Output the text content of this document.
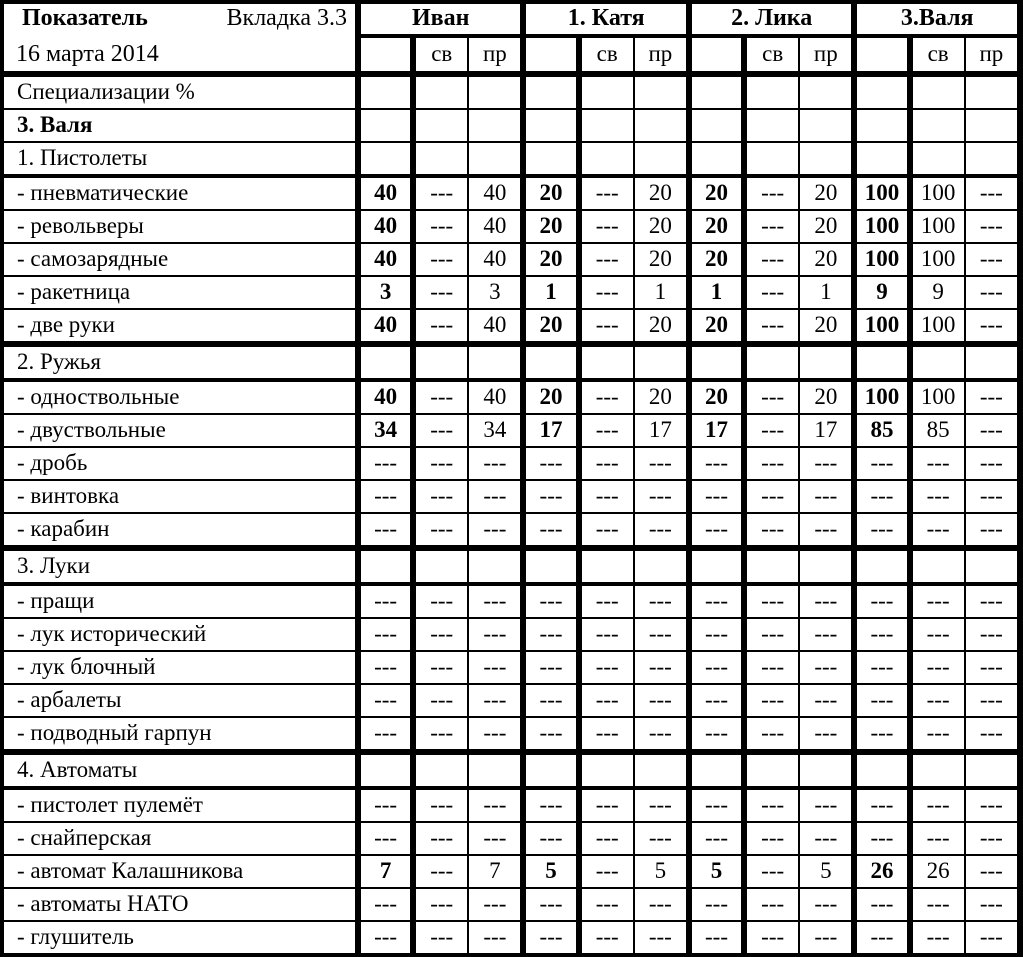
Показатель Вкладка 3.3
16 марта 2014	Иван			1. Катя			2. Лика			3.Валя		
		св	пр		св	пр		св	пр		св	пр
Специализации %												
3. Валя												
1. Пистолеты												
- пневматические	40	---	40	20	---	20	20	---	20	100	100	---
- револьверы	40	---	40	20	---	20	20	---	20	100	100	---
- самозарядные	40	---	40	20	---	20	20	---	20	100	100	---
- ракетница	3	---	3	1	---	1	1	---	1	9	9	---
- две руки	40	---	40	20	---	20	20	---	20	100	100	---
2. Ружья												
- одноствольные	40	---	40	20	---	20	20	---	20	100	100	---
- двуствольные	34	---	34	17	---	17	17	---	17	85	85	---
- дробь	---	---	---	---	---	---	---	---	---	---	---	---
- винтовка	---	---	---	---	---	---	---	---	---	---	---	---
- карабин	---	---	---	---	---	---	---	---	---	---	---	---
3. Луки												
- пращи	---	---	---	---	---	---	---	---	---	---	---	---
- лук исторический	---	---	---	---	---	---	---	---	---	---	---	---
- лук блочный	---	---	---	---	---	---	---	---	---	---	---	---
- арбалеты	---	---	---	---	---	---	---	---	---	---	---	---
- подводный гарпун	---	---	---	---	---	---	---	---	---	---	---	---
4. Автоматы												
- пистолет пулемёт	---	---	---	---	---	---	---	---	---	---	---	---
- снайперская	---	---	---	---	---	---	---	---	---	---	---	---
- автомат Калашникова	7	---	7	5	---	5	5	---	5	26	26	---
- автоматы НАТО	---	---	---	---	---	---	---	---	---	---	---	---
- глушитель	---	---	---	---	---	---	---	---	---	---	---	---
